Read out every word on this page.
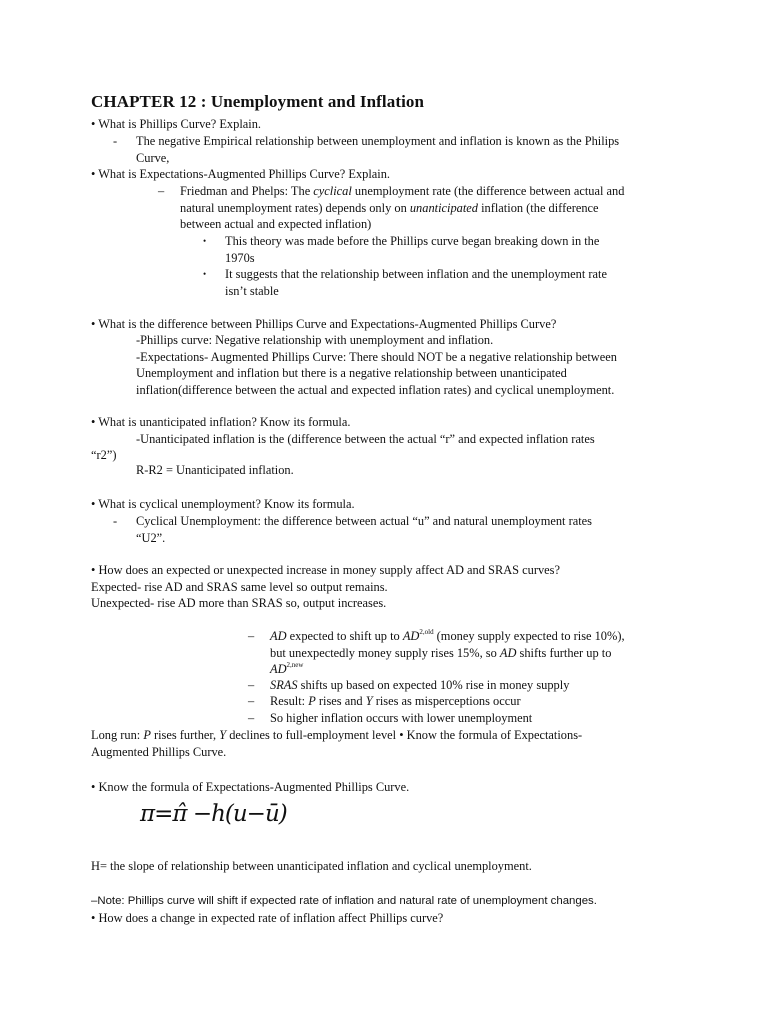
CHAPTER 12 : Unemployment and Inflation
• What is Phillips Curve? Explain.
- The negative Empirical relationship between unemployment and inflation is known as the Philips
Curve,
• What is Expectations-Augmented Phillips Curve? Explain.
– Friedman and Phelps: The cyclical unemployment rate (the difference between actual and
natural unemployment rates) depends only on unanticipated inflation (the difference
between actual and expected inflation)
• This theory was made before the Phillips curve began breaking down in the
1970s
• It suggests that the relationship between inflation and the unemployment rate
isn’t stable
• What is the difference between Phillips Curve and Expectations-Augmented Phillips Curve?
-Phillips curve: Negative relationship with unemployment and inflation.
-Expectations- Augmented Phillips Curve: There should NOT be a negative relationship between
Unemployment and inflation but there is a negative relationship between unanticipated
inflation(difference between the actual and expected inflation rates) and cyclical unemployment.
• What is unanticipated inflation? Know its formula.
-Unanticipated inflation is the (difference between the actual “r” and expected inflation rates
“r2”)
R-R2 = Unanticipated inflation.
• What is cyclical unemployment? Know its formula.
- Cyclical Unemployment: the difference between actual “u” and natural unemployment rates
“U2”.
• How does an expected or unexpected increase in money supply affect AD and SRAS curves?
Expected- rise AD and SRAS same level so output remains.
Unexpected- rise AD more than SRAS so, output increases.
– AD expected to shift up to $AD^{2,old}$ (money supply expected to rise 10%),
but unexpectedly money supply rises 15%, so AD shifts further up to
$AD^{2,new}$
– SRAS shifts up based on expected 10% rise in money supply
– Result: P rises and Y rises as misperceptions occur
– So higher inflation occurs with lower unemployment
Long run: P rises further, Y declines to full-employment level • Know the formula of Expectations-
Augmented Phillips Curve.
• Know the formula of Expectations-Augmented Phillips Curve.
π=π̂ −h(u−ū)
H= the slope of relationship between unanticipated inflation and cyclical unemployment.
–Note: Phillips curve will shift if expected rate of inflation and natural rate of unemployment changes.
• How does a change in expected rate of inflation affect Phillips curve?
